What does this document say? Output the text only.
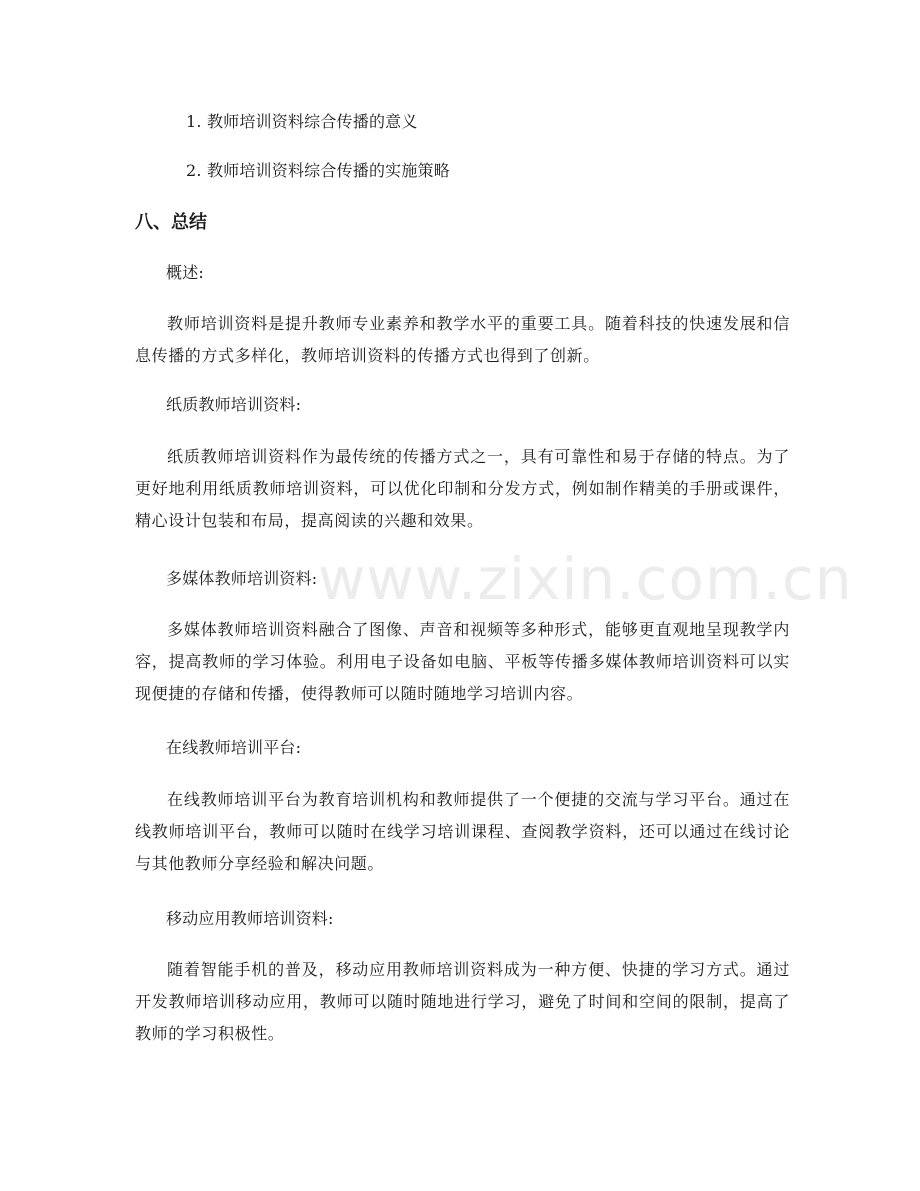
1. 教师培训资料综合传播的意义
2. 教师培训资料综合传播的实施策略
八、总结
概述:
教师培训资料是提升教师专业素养和教学水平的重要工具。随着科技的快速发展和信息传播的方式多样化，教师培训资料的传播方式也得到了创新。
纸质教师培训资料:
纸质教师培训资料作为最传统的传播方式之一，具有可靠性和易于存储的特点。为了更好地利用纸质教师培训资料，可以优化印制和分发方式，例如制作精美的手册或课件，精心设计包装和布局，提高阅读的兴趣和效果。
多媒体教师培训资料:
多媒体教师培训资料融合了图像、声音和视频等多种形式，能够更直观地呈现教学内容，提高教师的学习体验。利用电子设备如电脑、平板等传播多媒体教师培训资料可以实现便捷的存储和传播，使得教师可以随时随地学习培训内容。
在线教师培训平台:
在线教师培训平台为教育培训机构和教师提供了一个便捷的交流与学习平台。通过在线教师培训平台，教师可以随时在线学习培训课程、查阅教学资料，还可以通过在线讨论与其他教师分享经验和解决问题。
移动应用教师培训资料:
随着智能手机的普及，移动应用教师培训资料成为一种方便、快捷的学习方式。通过开发教师培训移动应用，教师可以随时随地进行学习，避免了时间和空间的限制，提高了教师的学习积极性。
www.zixin.com.cn
